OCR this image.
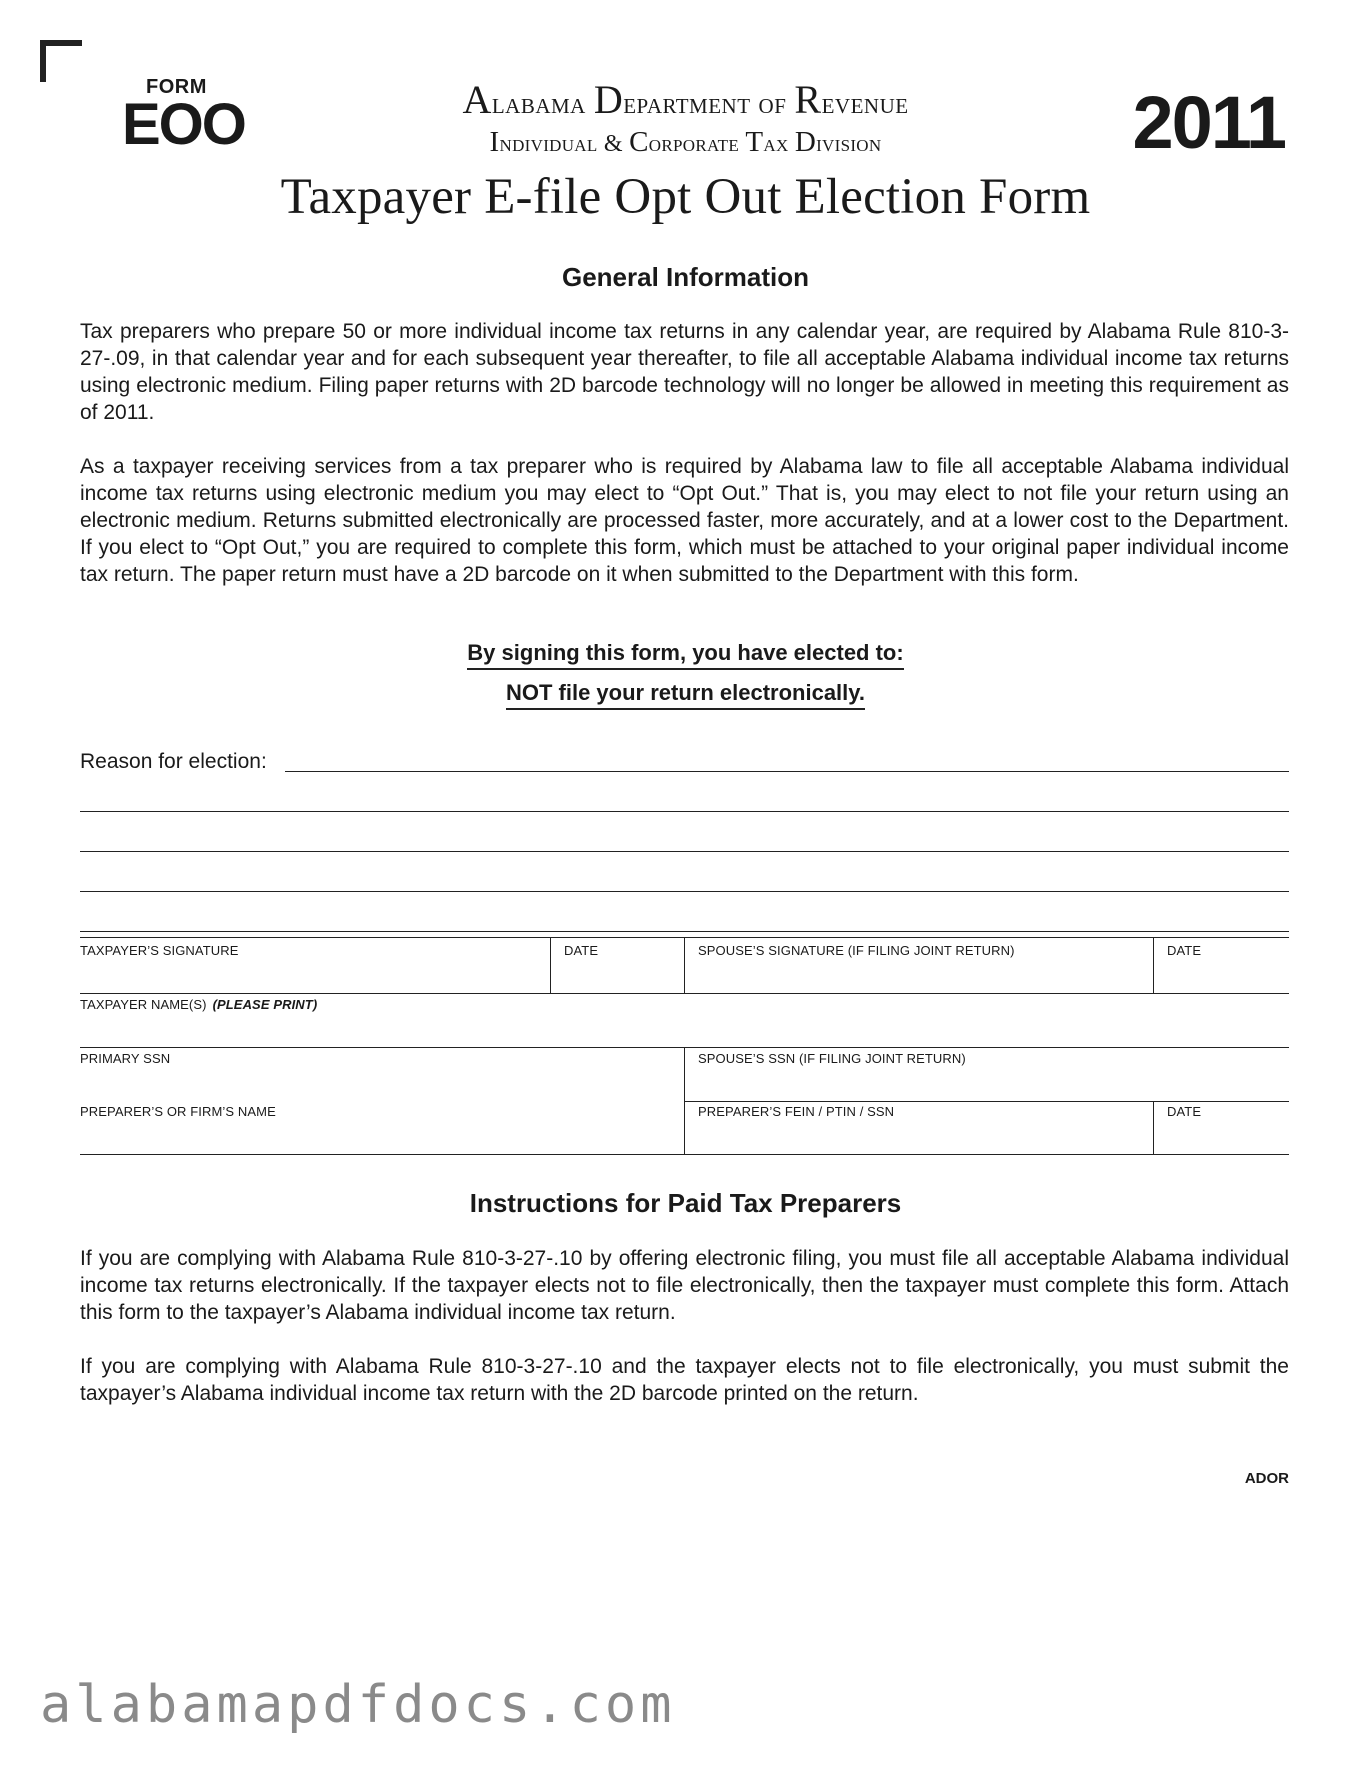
FORM
EOO	2011
Alabama Department of Revenue
Individual & Corporate Tax Division
Taxpayer E-file Opt Out Election Form
General Information
Tax preparers who prepare 50 or more individual income tax returns in any calendar year, are required by Alabama Rule 810-3-27-.09, in that calendar year and for each subsequent year thereafter, to file all acceptable Alabama individual income tax returns using electronic medium. Filing paper returns with 2D barcode technology will no longer be allowed in meeting this requirement as of 2011.
As a taxpayer receiving services from a tax preparer who is required by Alabama law to file all acceptable Alabama individual income tax returns using electronic medium you may elect to “Opt Out.” That is, you may elect to not file your return using an electronic medium. Returns submitted electronically are processed faster, more accurately, and at a lower cost to the Department. If you elect to “Opt Out,” you are required to complete this form, which must be attached to your original paper individual income tax return. The paper return must have a 2D barcode on it when submitted to the Department with this form.
By signing this form, you have elected to:
NOT file your return electronically.
Reason for election:
TAXPAYER’S SIGNATURE	DATE	SPOUSE’S SIGNATURE (IF FILING JOINT RETURN)	DATE
TAXPAYER NAME(S) (PLEASE PRINT)
PRIMARY SSN	SPOUSE’S SSN (IF FILING JOINT RETURN)
PREPARER’S OR FIRM’S NAME	PREPARER’S FEIN / PTIN / SSN	DATE
Instructions for Paid Tax Preparers
If you are complying with Alabama Rule 810-3-27-.10 by offering electronic filing, you must file all acceptable Alabama individual income tax returns electronically. If the taxpayer elects not to file electronically, then the taxpayer must complete this form. Attach this form to the taxpayer’s Alabama individual income tax return.
If you are complying with Alabama Rule 810-3-27-.10 and the taxpayer elects not to file electronically, you must submit the taxpayer’s Alabama individual income tax return with the 2D barcode printed on the return.
ADOR
alabamapdfdocs.com
